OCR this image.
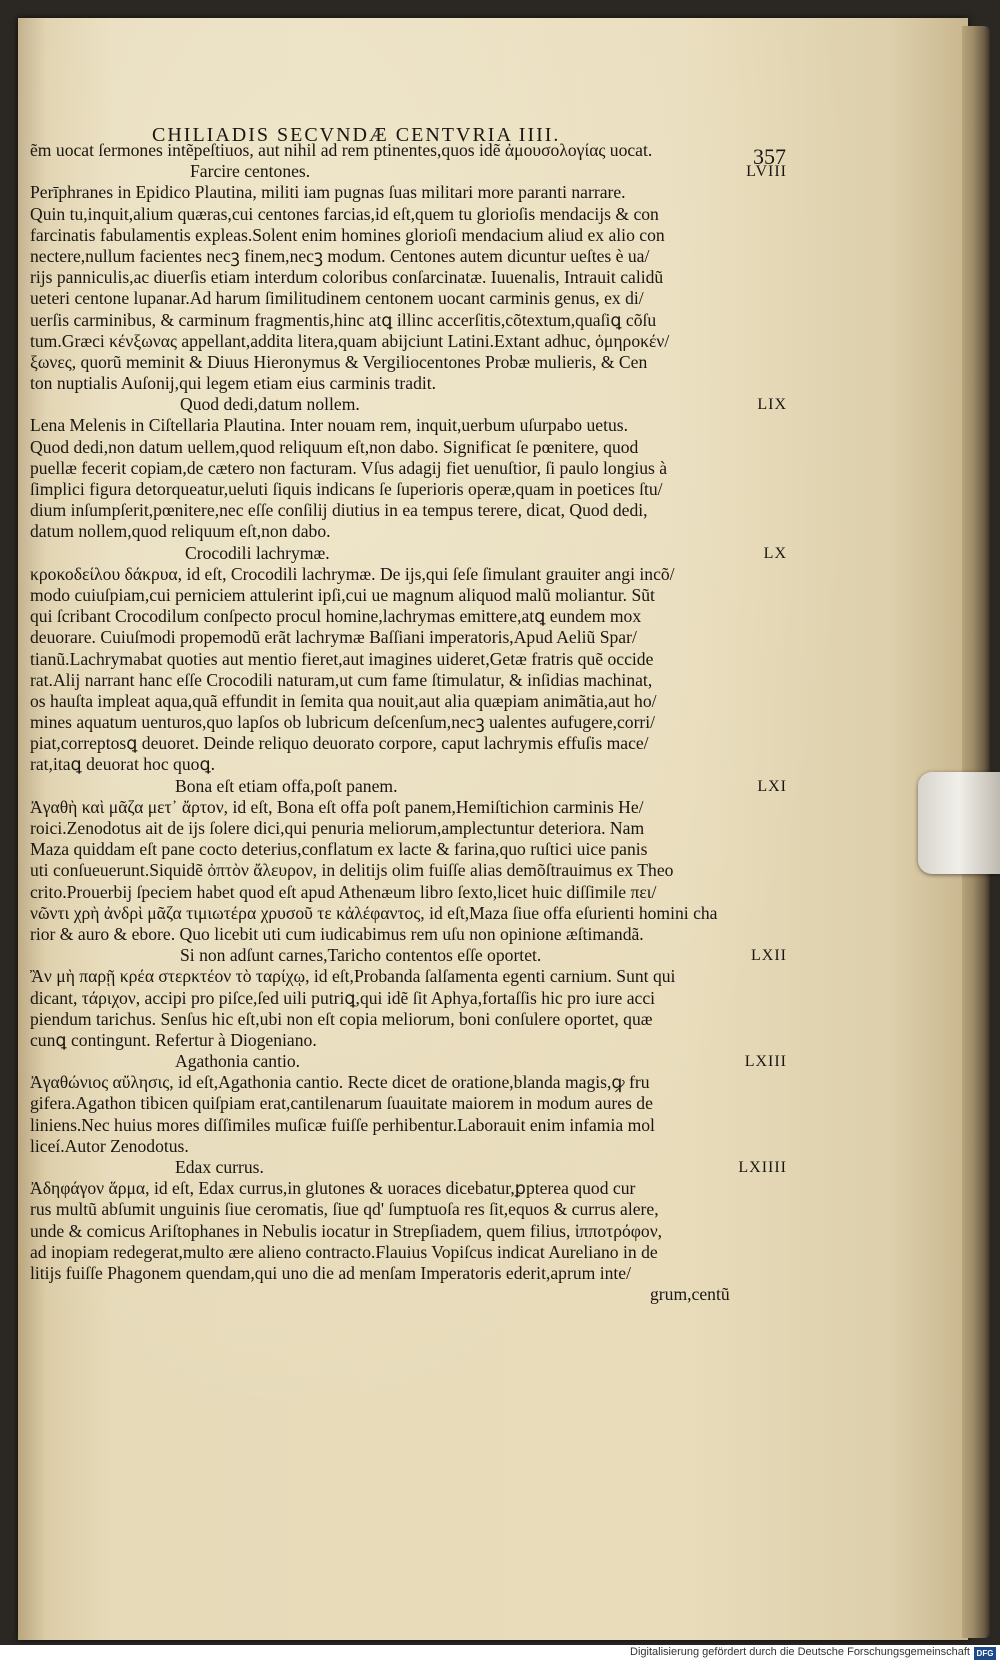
CHILIADIS SECVNDÆ CENTVRIA IIII.
357
ẽm uocat ſermones intẽpeſtiuos, aut nihil ad rem ptinentes,quos idẽ ἀμουσολογίας uocat.
Farcire centones.	LVIII
Perīphranes in Epidico Plautina, militi iam pugnas ſuas militari more paranti narrare.
Quin tu,inquit,alium quæras,cui centones farcias,id eſt,quem tu glorioſis mendacijs & con
farcinatis fabulamentis expleas.Solent enim homines glorioſi mendacium aliud ex alio con
nectere,nullum facientes necꝫ finem,necꝫ modum. Centones autem dicuntur ueſtes è ua/
rijs panniculis,ac diuerſis etiam interdum coloribus conſarcinatæ. Iuuenalis, Intrauit calidũ
ueteri centone lupanar.Ad harum ſimilitudinem centonem uocant carminis genus, ex di/
uerſis carminibus, & carminum fragmentis,hinc atꝗ illinc accerſitis,cõtextum,quaſiꝗ cõſu
tum.Græci κένξωνας appellant,addita litera,quam abijciunt Latini.Extant adhuc, ὁμηροκέν/
ξωνες, quorũ meminit & Diuus Hieronymus & Vergiliocentones Probæ mulieris, & Cen
ton nuptialis Auſonij,qui legem etiam eius carminis tradit.
Quod dedi,datum nollem.	LIX
Lena Melenis in Ciſtellaria Plautina. Inter nouam rem, inquit,uerbum uſurpabo uetus.
Quod dedi,non datum uellem,quod reliquum eſt,non dabo. Significat ſe pœnitere, quod
puellæ fecerit copiam,de cætero non facturam. Vſus adagij fiet uenuſtior, ſi paulo longius à
ſimplici figura detorqueatur,ueluti ſiquis indicans ſe ſuperioris operæ,quam in poetices ſtu/
dium inſumpſerit,pœnitere,nec eſſe conſilij diutius in ea tempus terere, dicat, Quod dedi,
datum nollem,quod reliquum eſt,non dabo.
Crocodili lachrymæ.	LX
κροκοδείλου δάκρυα, id eſt, Crocodili lachrymæ. De ijs,qui ſeſe ſimulant grauiter angi incõ/
modo cuiuſpiam,cui perniciem attulerint ipſi,cui ue magnum aliquod malũ moliantur. Sũt
qui ſcribant Crocodilum conſpecto procul homine,lachrymas emittere,atꝗ eundem mox
deuorare. Cuiuſmodi propemodũ erãt lachrymæ Baſſiani imperatoris,Apud Aeliũ Spar/
tianũ.Lachrymabat quoties aut mentio fieret,aut imagines uideret,Getæ fratris quẽ occide
rat.Alij narrant hanc eſſe Crocodili naturam,ut cum fame ſtimulatur, & inſidias machinat,
os hauſta impleat aqua,quã effundit in ſemita qua nouit,aut alia quæpiam animãtia,aut ho/
mines aquatum uenturos,quo lapſos ob lubricum deſcenſum,necꝫ ualentes aufugere,corri/
piat,correptosꝗ deuoret. Deinde reliquo deuorato corpore, caput lachrymis effuſis mace/
rat,itaꝗ deuorat hoc quoꝗ.
Bona eſt etiam offa,poſt panem.	LXI
Ἀγαθὴ καὶ μᾶζα μετ᾽ ἄρτον, id eſt, Bona eſt offa poſt panem,Hemiſtichion carminis He/
roici.Zenodotus ait de ijs ſolere dici,qui penuria meliorum,amplectuntur deteriora. Nam
Maza quiddam eſt pane cocto deterius,conflatum ex lacte & farina,quo ruſtici uice panis
uti conſueuerunt.Siquidẽ ὀπτὸν ἄλευρον, in delitijs olim fuiſſe alias demõſtrauimus ex Theo
crito.Prouerbij ſpeciem habet quod eſt apud Athenæum libro ſexto,licet huic diſſimile πει/
νῶντι χρὴ ἀνδρὶ μᾶζα τιμιωτέρα χρυσοῦ τε κἀλέφαντος, id eſt,Maza ſiue offa eſurienti homini cha
rior & auro & ebore. Quo licebit uti cum iudicabimus rem uſu non opinione æſtimandã.
Si non adſunt carnes,Taricho contentos eſſe oportet.	LXII
Ἂν μὴ παρῇ κρέα στερκτέον τὸ ταρίχῳ, id eſt,Probanda ſalſamenta egenti carnium. Sunt qui
dicant, τάριχον, accipi pro piſce,ſed uili putriꝗ,qui idẽ ſit Aphya,fortaſſis hic pro iure acci
piendum tarichus. Senſus hic eſt,ubi non eſt copia meliorum, boni conſulere oportet, quæ
cunꝗ contingunt. Refertur à Diogeniano.
Agathonia cantio.	LXIII
Ἀγαθώνιος αὔλησις, id eſt,Agathonia cantio. Recte dicet de oratione,blanda magis,ꝙ fru
gifera.Agathon tibicen quiſpiam erat,cantilenarum ſuauitate maiorem in modum aures de
liniens.Nec huius mores diſſimiles muſicæ fuiſſe perhibentur.Laborauit enim infamia mol
liceí.Autor Zenodotus.
Edax currus.	LXIIII
Ἀδηφάγον ἅρμα, id eſt, Edax currus,in glutones & uoraces dicebatur,ꝑpterea quod cur
rus multũ abſumit unguinis ſiue ceromatis, ſiue qd' ſumptuoſa res ſit,equos & currus alere,
unde & comicus Ariſtophanes in Nebulis iocatur in Strepſiadem, quem filius, ἱπποτρόφον,
ad inopiam redegerat,multo ære alieno contracto.Flauius Vopiſcus indicat Aureliano in de
litijs fuiſſe Phagonem quendam,qui uno die ad menſam Imperatoris ederit,aprum inte/
grum,centũ
Digitalisierung gefördert durch die Deutsche Forschungsgemeinschaft DFG
